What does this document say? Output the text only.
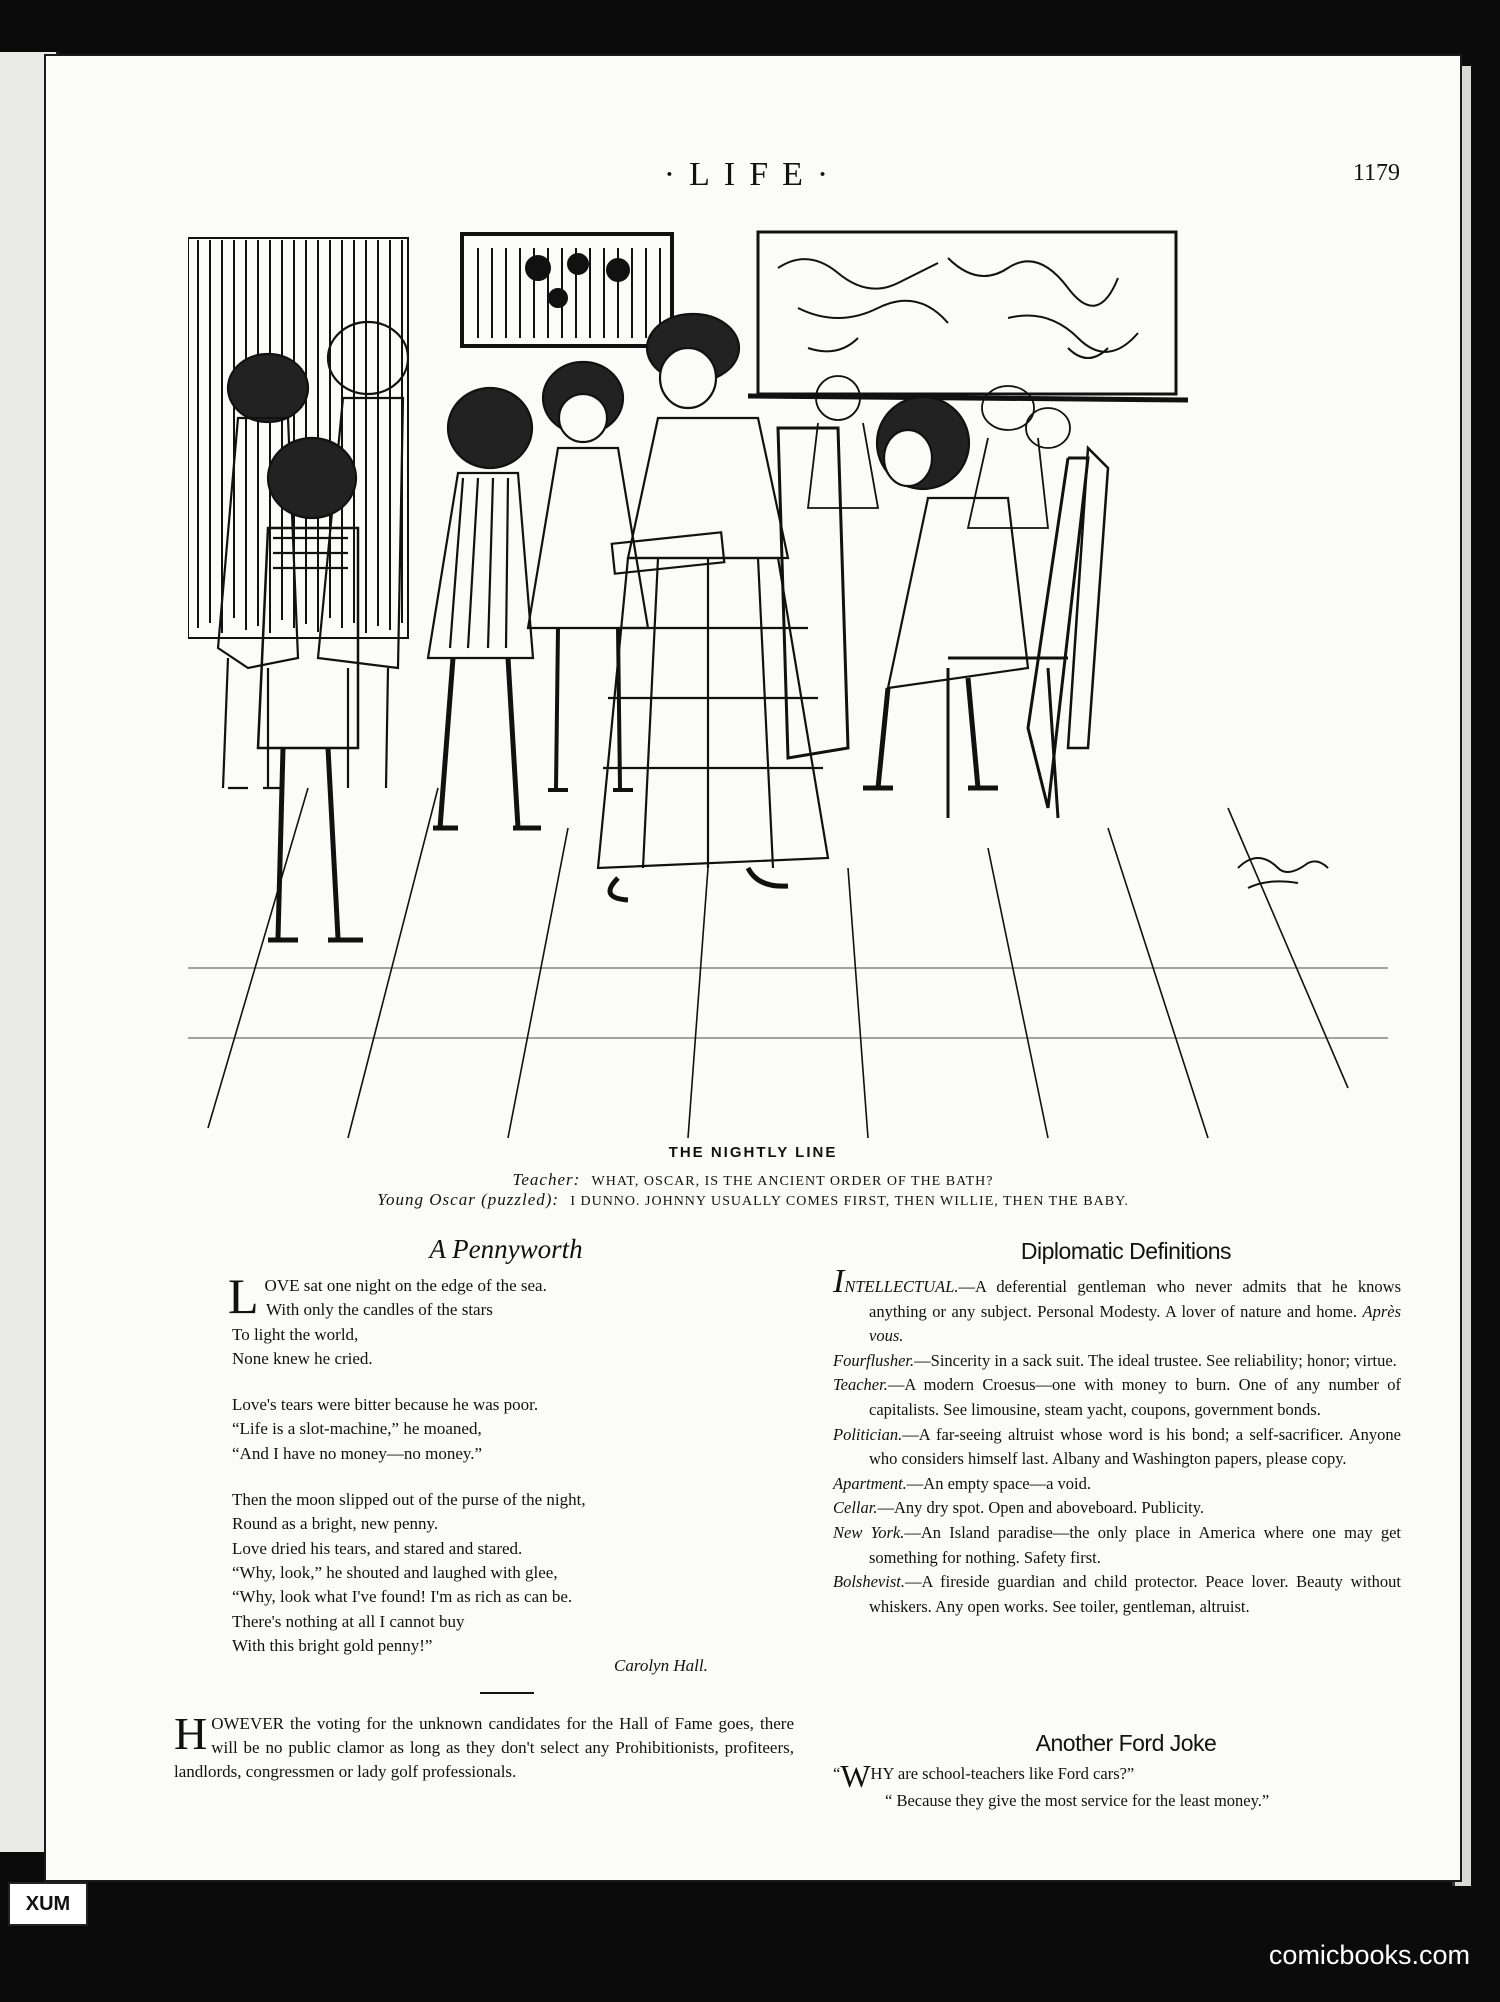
·LIFE·	1179
THE NIGHTLY LINE
Teacher: WHAT, OSCAR, IS THE ANCIENT ORDER OF THE BATH?
Young Oscar (puzzled): I DUNNO. JOHNNY USUALLY COMES FIRST, THEN WILLIE, THEN THE BABY.
A Pennyworth
L OVE sat one night on the edge of the sea.
With only the candles of the stars
To light the world,
None knew he cried.
Love's tears were bitter because he was poor.
“Life is a slot-machine,” he moaned,
“And I have no money—no money.”
Then the moon slipped out of the purse of the night,
Round as a bright, new penny.
Love dried his tears, and stared and stared.
“Why, look,” he shouted and laughed with glee,
“Why, look what I've found! I'm as rich as can be.
There's nothing at all I cannot buy
With this bright gold penny!”
Carolyn Hall.
HOWEVER the voting for the unknown candidates for the Hall of Fame goes, there will be no public clamor as long as they don't select any Prohibitionists, profiteers, landlords, congressmen or lady golf professionals.
Diplomatic Definitions
INTELLECTUAL.—A deferential gentleman who never admits that he knows anything or any subject. Personal Modesty. A lover of nature and home. Après vous.
Fourflusher.—Sincerity in a sack suit. The ideal trustee. See reliability; honor; virtue.
Teacher.—A modern Croesus—one with money to burn. One of any number of capitalists. See limousine, steam yacht, coupons, government bonds.
Politician.—A far-seeing altruist whose word is his bond; a self-sacrificer. Anyone who considers himself last. Albany and Washington papers, please copy.
Apartment.—An empty space—a void.
Cellar.—Any dry spot. Open and aboveboard. Publicity.
New York.—An Island paradise—the only place in America where one may get something for nothing. Safety first.
Bolshevist.—A fireside guardian and child protector. Peace lover. Beauty without whiskers. Any open works. See toiler, gentleman, altruist.
Another Ford Joke
“WHY are school-teachers like Ford cars?”
“ Because they give the most service for the least money.”
XUM
comicbooks.com
